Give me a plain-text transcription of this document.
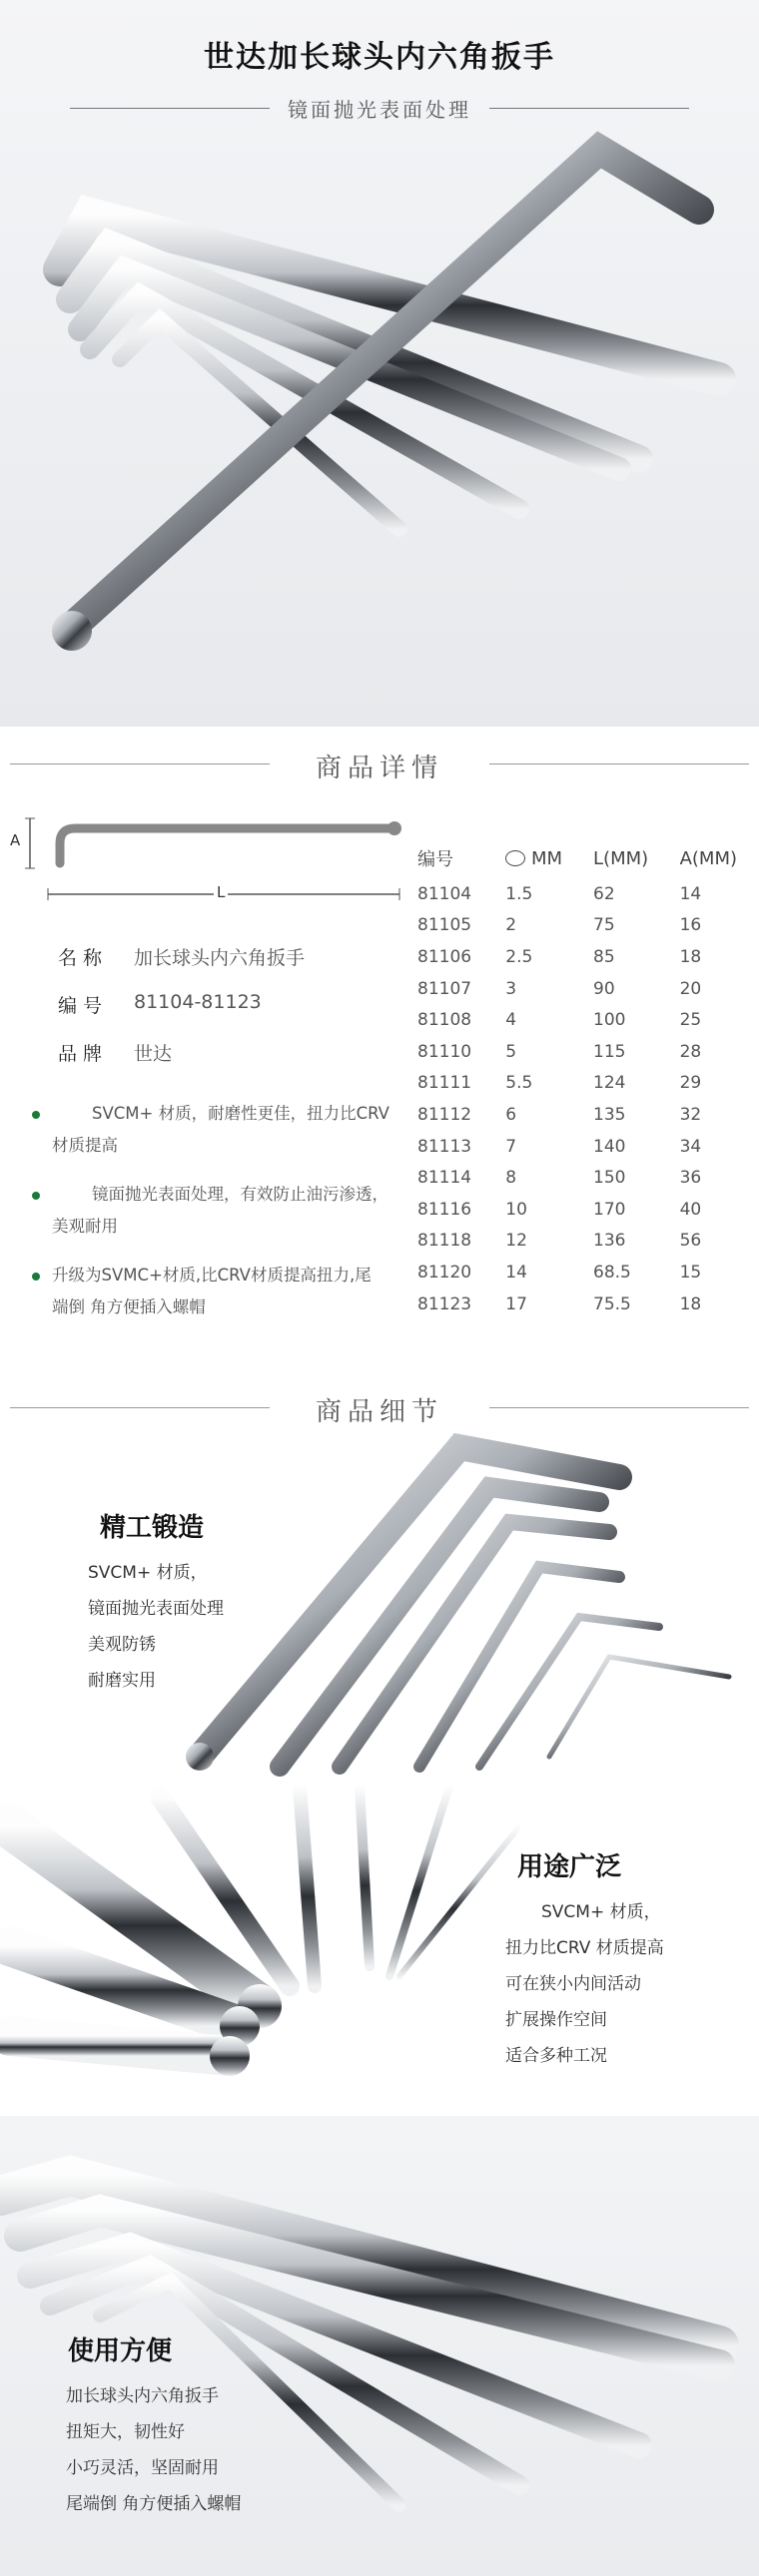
世达加长球头内六角扳手
镜面抛光表面处理
商品详情
A
L
名 称 加长球头内六角扳手
编 号 81104-81123
品 牌 世达
SVCM+ 材质，耐磨性更佳，扭力比CRV 材质提高
镜面抛光表面处理，有效防止油污渗透，美观耐用
升级为SVMC+材质,比CRV材质提高扭力,尾端倒 角方便插入螺帽
编号	MM	L(MM)	A(MM)
81104	1.5	62	14
81105	2	75	16
81106	2.5	85	18
81107	3	90	20
81108	4	100	25
81110	5	115	28
81111	5.5	124	29
81112	6	135	32
81113	7	140	34
81114	8	150	36
81116	10	170	40
81118	12	136	56
81120	14	68.5	15
81123	17	75.5	18
商品细节
精工锻造
SVCM+ 材质，
镜面抛光表面处理
美观防锈
耐磨实用
用途广泛
SVCM+ 材质，
扭力比CRV 材质提高
可在狭小内间活动
扩展操作空间
适合多种工况
使用方便
加长球头内六角扳手
扭矩大，韧性好
小巧灵活，坚固耐用
尾端倒 角方便插入螺帽
